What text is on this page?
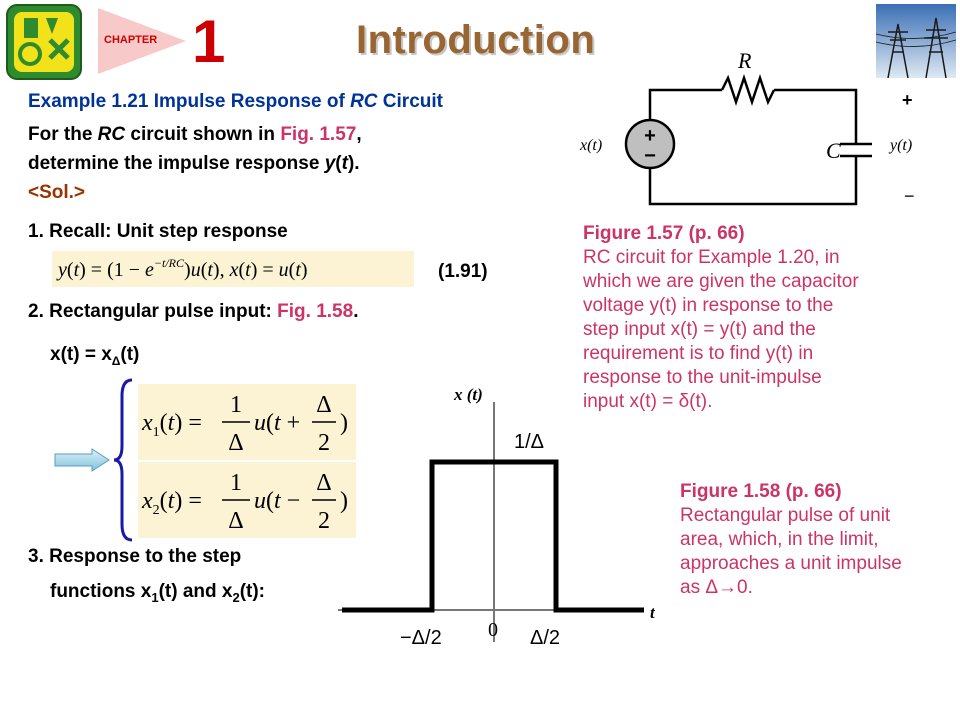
CHAPTER 1	Introduction
Example 1.21 Impulse Response of RC Circuit
For the RC circuit shown in Fig. 1.57,
determine the impulse response y(t).
<Sol.>
1. Recall: Unit step response
$y(t) = (1 - e^{-t/RC})u(t)$, x(t) = u(t)	(1.91)
2. Rectangular pulse input: Fig. 1.58.
$x(t) = x_\Delta(t)$
$x_1(t)$ =
1
Δ
u(t +
Δ
2
)
$x_2(t)$ =
1
Δ
u(t −
Δ
2
)
3. Response to the step
functions $x_1(t)$ and $x_2(t)$:
x (t)
t
1/Δ
−Δ/2 0 Δ/2
+
−
R
C
x(t)	y(t)
+
−
Figure 1.57 (p. 66)
RC circuit for Example 1.20, in
which we are given the capacitor
voltage y(t) in response to the
step input x(t) = y(t) and the
requirement is to find y(t) in
response to the unit-impulse
input x(t) = δ(t).
Figure 1.58 (p. 66)
Rectangular pulse of unit
area, which, in the limit,
approaches a unit impulse
as Δ→0.
